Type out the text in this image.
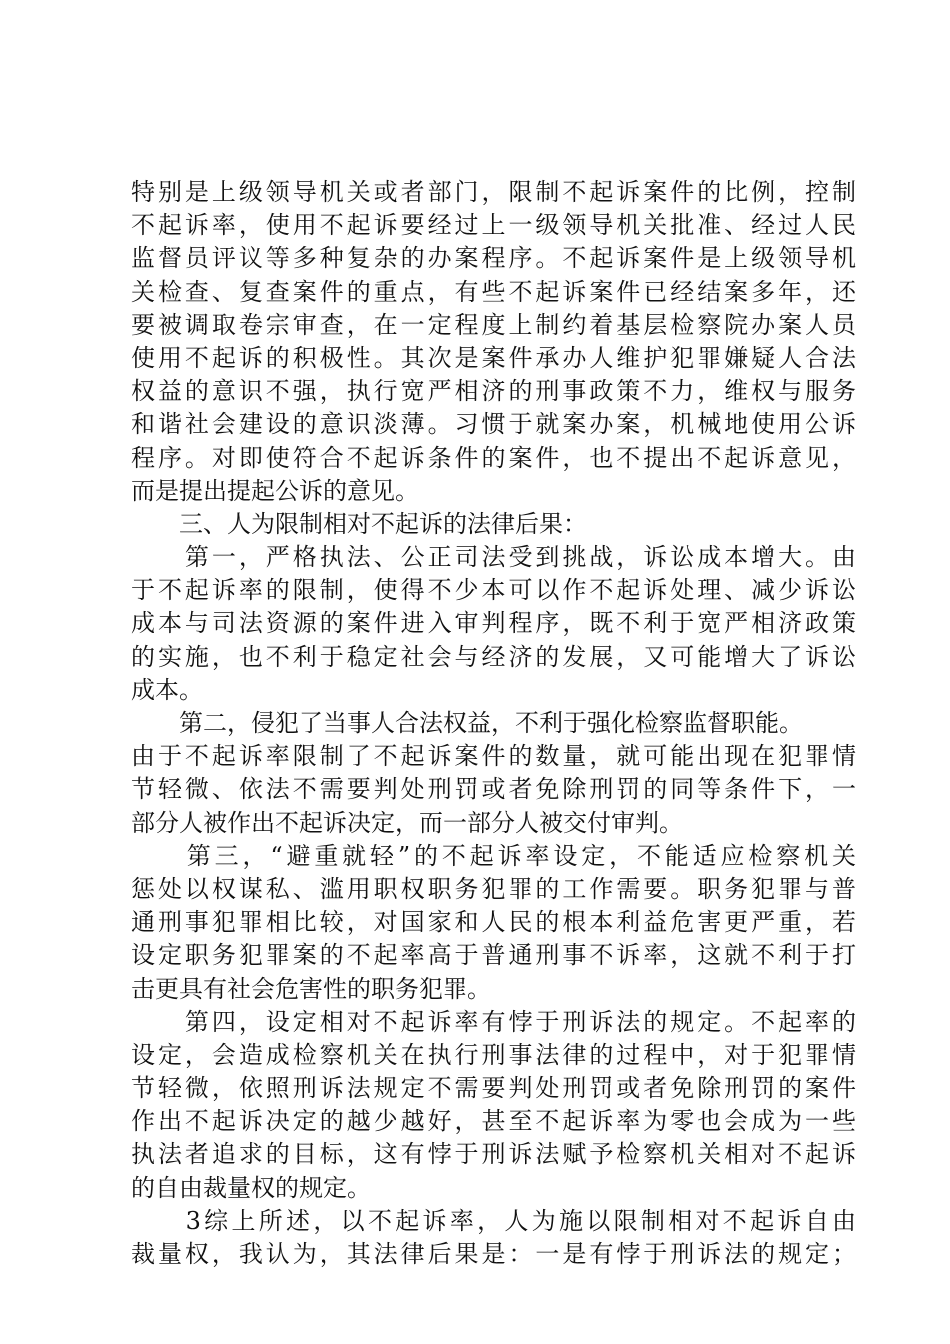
特别是上级领导机关或者部门，限制不起诉案件的比例，控制
不起诉率，使用不起诉要经过上一级领导机关批准、经过人民
监督员评议等多种复杂的办案程序。不起诉案件是上级领导机
关检查、复查案件的重点，有些不起诉案件已经结案多年，还
要被调取卷宗审查，在一定程度上制约着基层检察院办案人员
使用不起诉的积极性。其次是案件承办人维护犯罪嫌疑人合法
权益的意识不强，执行宽严相济的刑事政策不力，维权与服务
和谐社会建设的意识淡薄。习惯于就案办案，机械地使用公诉
程序。对即使符合不起诉条件的案件，也不提出不起诉意见，
而是提出提起公诉的意见。
　　三、人为限制相对不起诉的法律后果：
　　第一，严格执法、公正司法受到挑战，诉讼成本增大。由
于不起诉率的限制，使得不少本可以作不起诉处理、减少诉讼
成本与司法资源的案件进入审判程序，既不利于宽严相济政策
的实施，也不利于稳定社会与经济的发展，又可能增大了诉讼
成本。
　　第二，侵犯了当事人合法权益，不利于强化检察监督职能。
由于不起诉率限制了不起诉案件的数量，就可能出现在犯罪情
节轻微、依法不需要判处刑罚或者免除刑罚的同等条件下，一
部分人被作出不起诉决定，而一部分人被交付审判。
　　第三，“避重就轻”的不起诉率设定，不能适应检察机关
惩处以权谋私、滥用职权职务犯罪的工作需要。职务犯罪与普
通刑事犯罪相比较，对国家和人民的根本利益危害更严重，若
设定职务犯罪案的不起率高于普通刑事不诉率，这就不利于打
击更具有社会危害性的职务犯罪。
　　第四，设定相对不起诉率有悖于刑诉法的规定。不起率的
设定，会造成检察机关在执行刑事法律的过程中，对于犯罪情
节轻微，依照刑诉法规定不需要判处刑罚或者免除刑罚的案件
作出不起诉决定的越少越好，甚至不起诉率为零也会成为一些
执法者追求的目标，这有悖于刑诉法赋予检察机关相对不起诉
的自由裁量权的规定。
　　3综上所述，以不起诉率，人为施以限制相对不起诉自由
裁量权，我认为，其法律后果是：一是有悖于刑诉法的规定；
